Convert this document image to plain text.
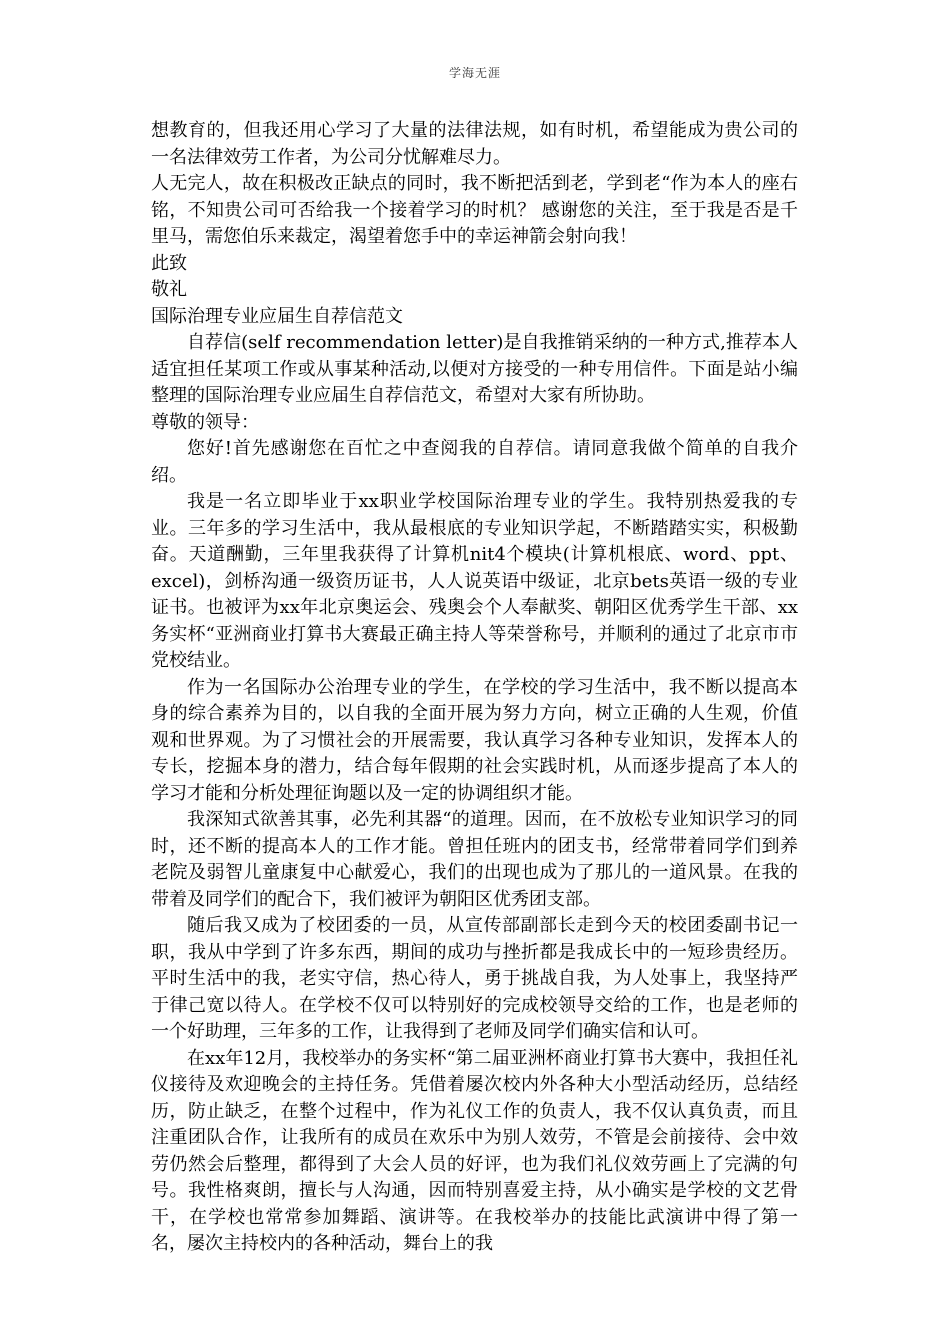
学海无涯

想教育的，但我还用心学习了大量的法律法规，如有时机，希望能成为贵公司的一名法律效劳工作者，为公司分忧解难尽力。

人无完人，故在积极改正缺点的同时，我不断把活到老，学到老“作为本人的座右铭，不知贵公司可否给我一个接着学习的时机？ 感谢您的关注，至于我是否是千里马，需您伯乐来裁定，渴望着您手中的幸运神箭会射向我！

此致

敬礼

国际治理专业应届生自荐信范文

自荐信(self recommendation letter)是自我推销采纳的一种方式,推荐本人适宜担任某项工作或从事某种活动,以便对方接受的一种专用信件。下面是站小编整理的国际治理专业应届生自荐信范文，希望对大家有所协助。

尊敬的领导：

您好!首先感谢您在百忙之中查阅我的自荐信。请同意我做个简单的自我介绍。

我是一名立即毕业于xx职业学校国际治理专业的学生。我特别热爱我的专业。三年多的学习生活中，我从最根底的专业知识学起，不断踏踏实实，积极勤奋。天道酬勤，三年里我获得了计算机nit4个模块(计算机根底、word、ppt、excel)，剑桥沟通一级资历证书，人人说英语中级证，北京bets英语一级的专业证书。也被评为xx年北京奥运会、残奥会个人奉献奖、朝阳区优秀学生干部、xx务实杯“亚洲商业打算书大赛最正确主持人等荣誉称号，并顺利的通过了北京市市党校结业。

作为一名国际办公治理专业的学生，在学校的学习生活中，我不断以提高本身的综合素养为目的，以自我的全面开展为努力方向，树立正确的人生观，价值观和世界观。为了习惯社会的开展需要，我认真学习各种专业知识，发挥本人的专长，挖掘本身的潜力，结合每年假期的社会实践时机，从而逐步提高了本人的学习才能和分析处理征询题以及一定的协调组织才能。

我深知式欲善其事，必先利其器“的道理。因而，在不放松专业知识学习的同时，还不断的提高本人的工作才能。曾担任班内的团支书，经常带着同学们到养老院及弱智儿童康复中心献爱心，我们的出现也成为了那儿的一道风景。在我的带着及同学们的配合下，我们被评为朝阳区优秀团支部。

随后我又成为了校团委的一员，从宣传部副部长走到今天的校团委副书记一职，我从中学到了许多东西，期间的成功与挫折都是我成长中的一短珍贵经历。平时生活中的我，老实守信，热心待人，勇于挑战自我，为人处事上，我坚持严于律己宽以待人。在学校不仅可以特别好的完成校领导交给的工作，也是老师的一个好助理，三年多的工作，让我得到了老师及同学们确实信和认可。

在xx年12月，我校举办的务实杯“第二届亚洲杯商业打算书大赛中，我担任礼仪接待及欢迎晚会的主持任务。凭借着屡次校内外各种大小型活动经历，总结经历，防止缺乏，在整个过程中，作为礼仪工作的负责人，我不仅认真负责，而且注重团队合作，让我所有的成员在欢乐中为别人效劳，不管是会前接待、会中效劳仍然会后整理，都得到了大会人员的好评，也为我们礼仪效劳画上了完满的句号。我性格爽朗，擅长与人沟通，因而特别喜爱主持，从小确实是学校的文艺骨干，在学校也常常参加舞蹈、演讲等。在我校举办的技能比武演讲中得了第一名，屡次主持校内的各种活动，舞台上的我
